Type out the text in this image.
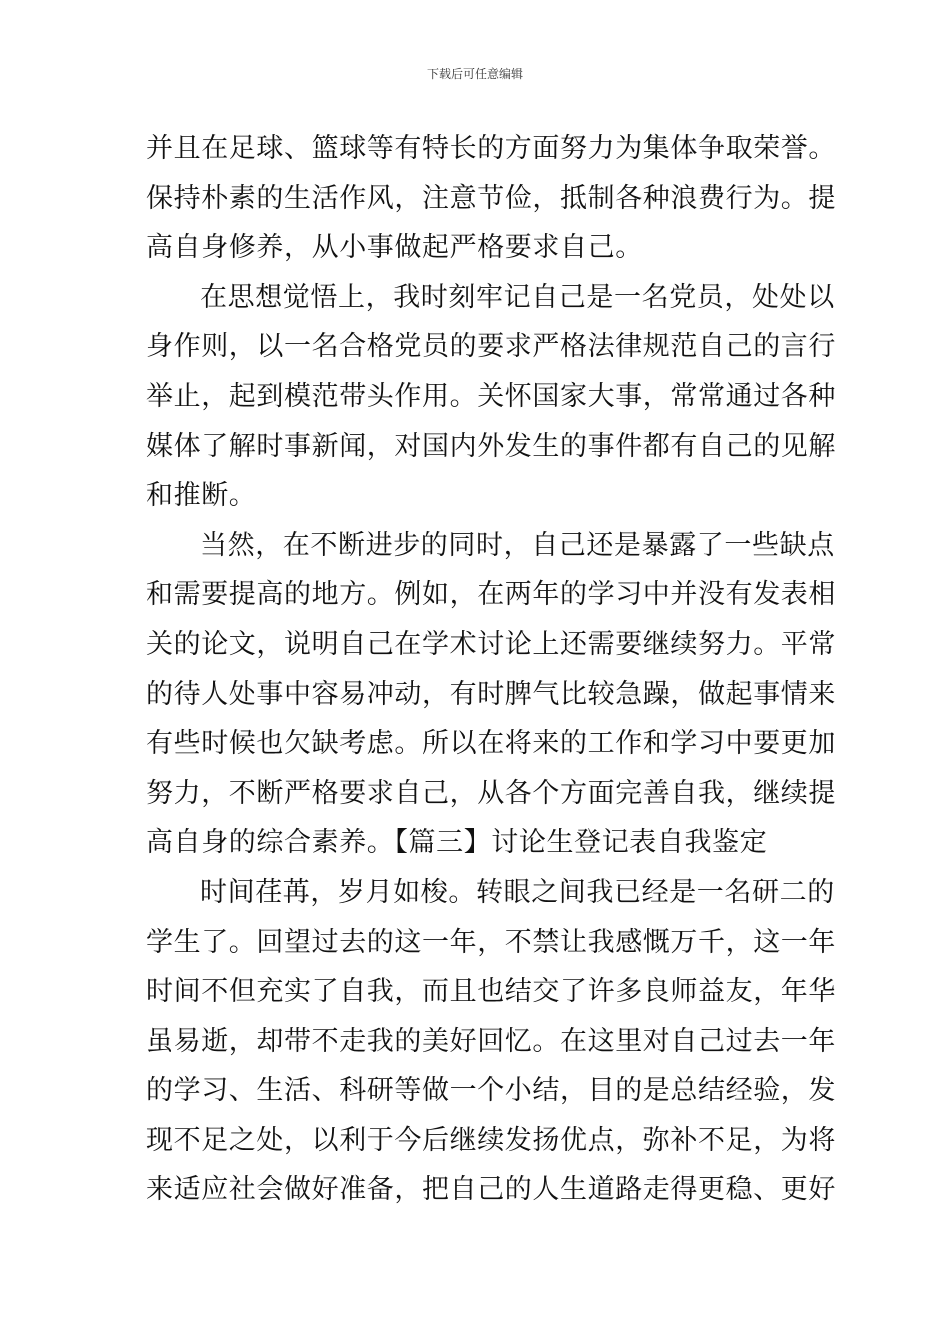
下载后可任意编辑
并且在足球、篮球等有特长的方面努力为集体争取荣誉。
保持朴素的生活作风，注意节俭，抵制各种浪费行为。提
高自身修养，从小事做起严格要求自己。
在思想觉悟上，我时刻牢记自己是一名党员，处处以
身作则，以一名合格党员的要求严格法律规范自己的言行
举止，起到模范带头作用。关怀国家大事，常常通过各种
媒体了解时事新闻，对国内外发生的事件都有自己的见解
和推断。
当然，在不断进步的同时，自己还是暴露了一些缺点
和需要提高的地方。例如，在两年的学习中并没有发表相
关的论文，说明自己在学术讨论上还需要继续努力。平常
的待人处事中容易冲动，有时脾气比较急躁，做起事情来
有些时候也欠缺考虑。所以在将来的工作和学习中要更加
努力，不断严格要求自己，从各个方面完善自我，继续提
高自身的综合素养。【篇三】讨论生登记表自我鉴定
时间荏苒，岁月如梭。转眼之间我已经是一名研二的
学生了。回望过去的这一年，不禁让我感慨万千，这一年
时间不但充实了自我，而且也结交了许多良师益友，年华
虽易逝，却带不走我的美好回忆。在这里对自己过去一年
的学习、生活、科研等做一个小结，目的是总结经验，发
现不足之处，以利于今后继续发扬优点，弥补不足，为将
来适应社会做好准备，把自己的人生道路走得更稳、更好
